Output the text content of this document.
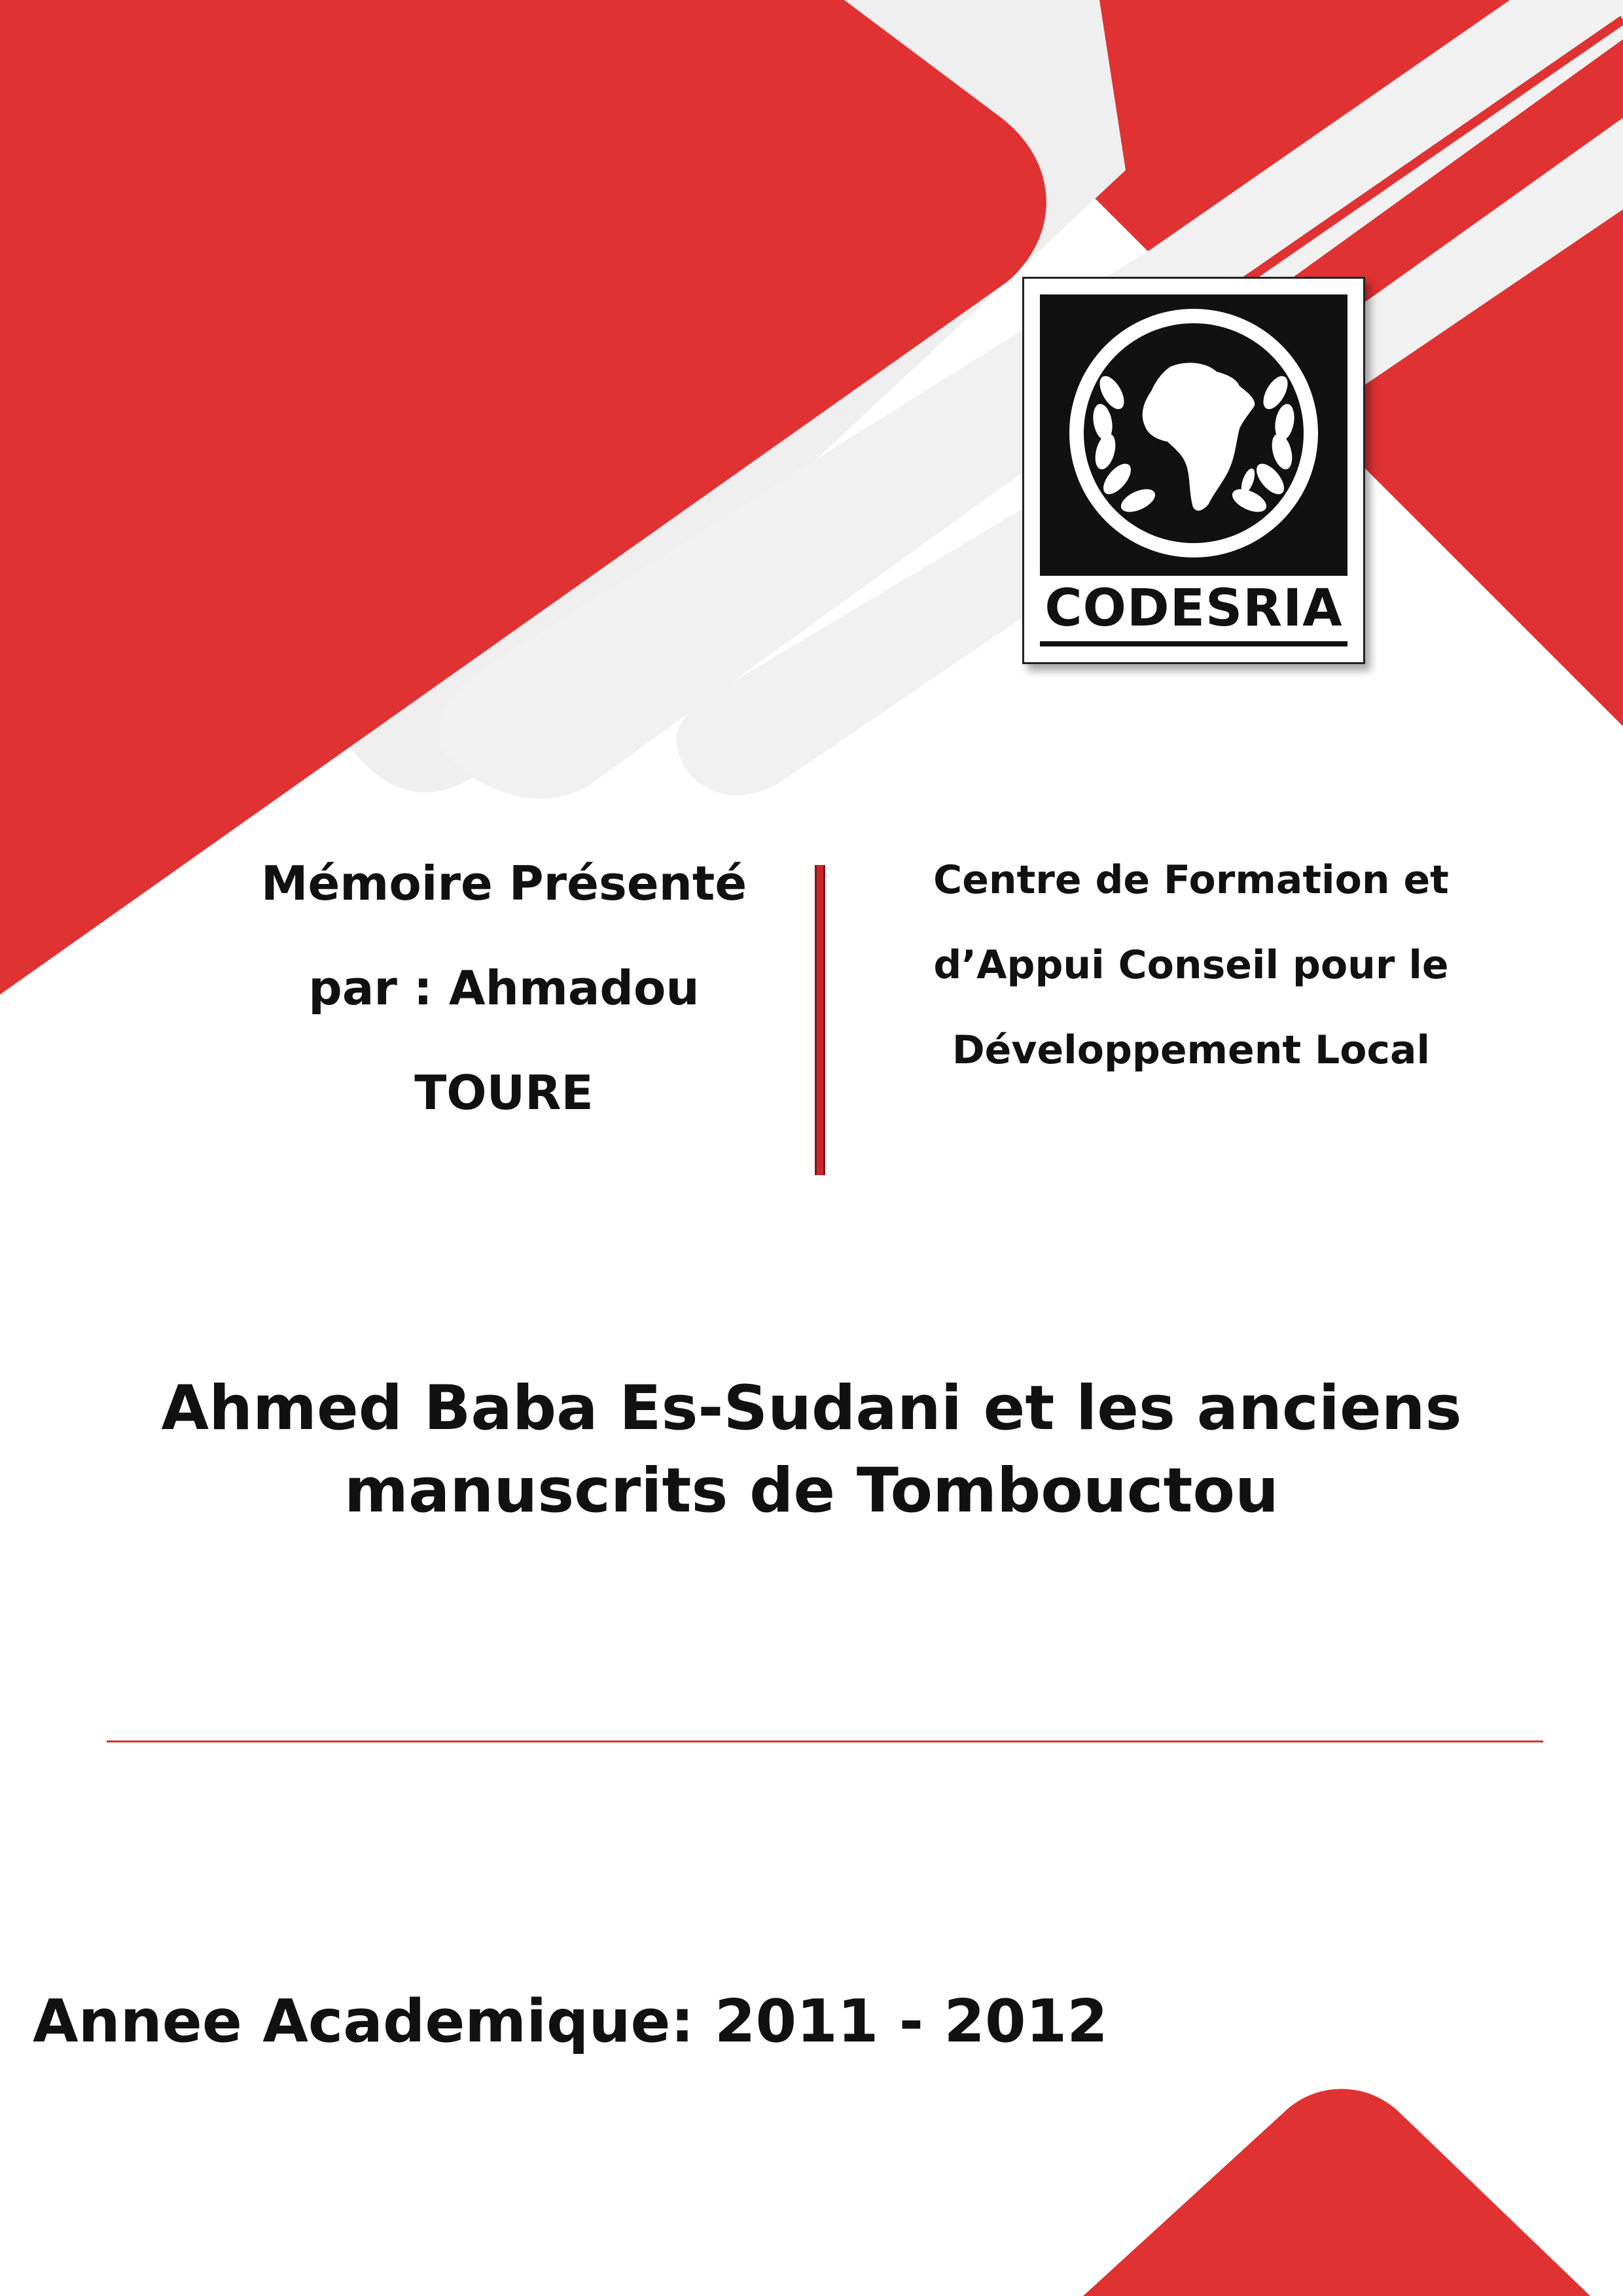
CODESRIA
Mémoire Présenté
par : Ahmadou
TOURE
Centre de Formation et
d’Appui Conseil pour le
Développement Local
Ahmed Baba Es-Sudani et les anciens
manuscrits de Tombouctou
Annee Academique: 2011 - 2012
